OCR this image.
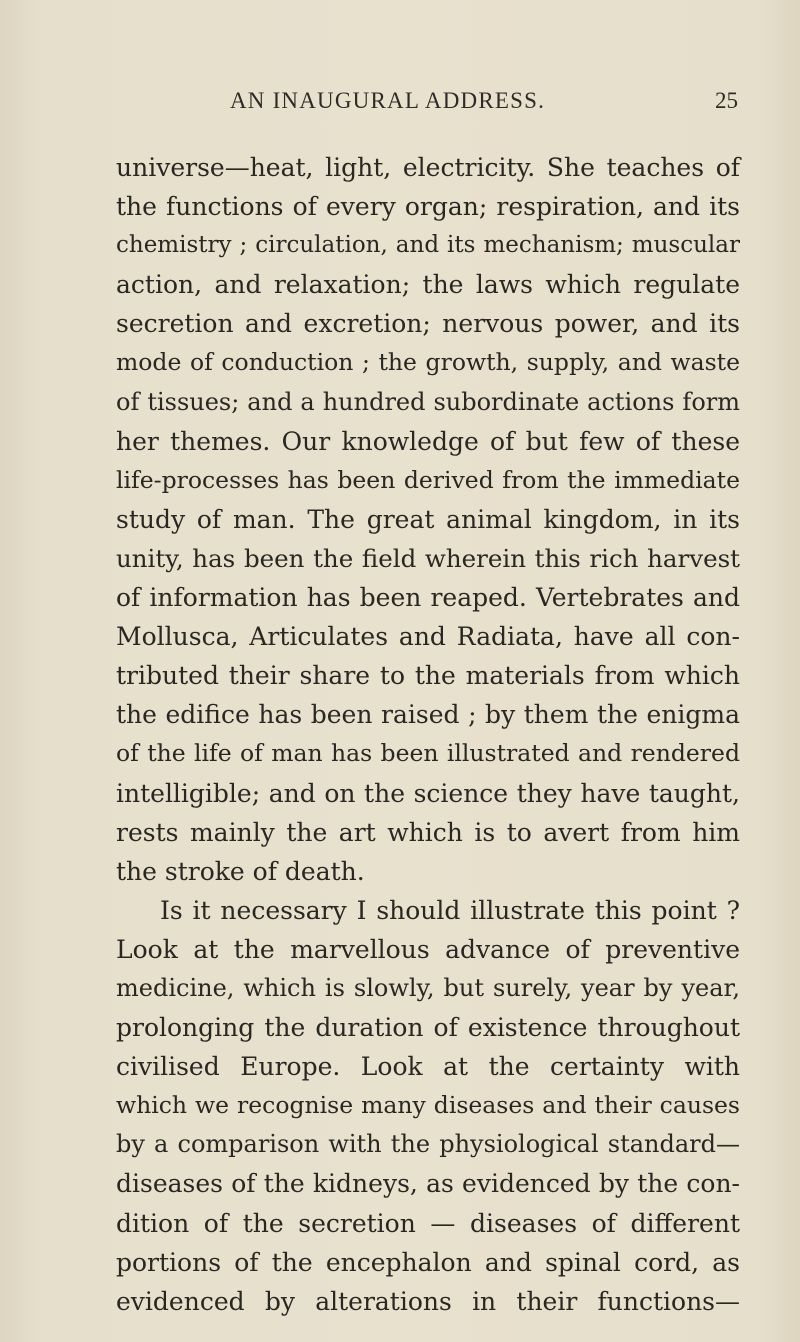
AN INAUGURAL ADDRESS.	25
universe—heat, light, electricity. She teaches of
the functions of every organ; respiration, and its
chemistry ; circulation, and its mechanism; muscular
action, and relaxation; the laws which regulate
secretion and excretion; nervous power, and its
mode of conduction ; the growth, supply, and waste
of tissues; and a hundred subordinate actions form
her themes. Our knowledge of but few of these
life-processes has been derived from the immediate
study of man. The great animal kingdom, in its
unity, has been the field wherein this rich harvest
of information has been reaped. Vertebrates and
Mollusca, Articulates and Radiata, have all con-
tributed their share to the materials from which
the edifice has been raised ; by them the enigma
of the life of man has been illustrated and rendered
intelligible; and on the science they have taught,
rests mainly the art which is to avert from him
the stroke of death.
Is it necessary I should illustrate this point ?
Look at the marvellous advance of preventive
medicine, which is slowly, but surely, year by year,
prolonging the duration of existence throughout
civilised Europe. Look at the certainty with
which we recognise many diseases and their causes
by a comparison with the physiological standard—
diseases of the kidneys, as evidenced by the con-
dition of the secretion — diseases of different
portions of the encephalon and spinal cord, as
evidenced by alterations in their functions—
